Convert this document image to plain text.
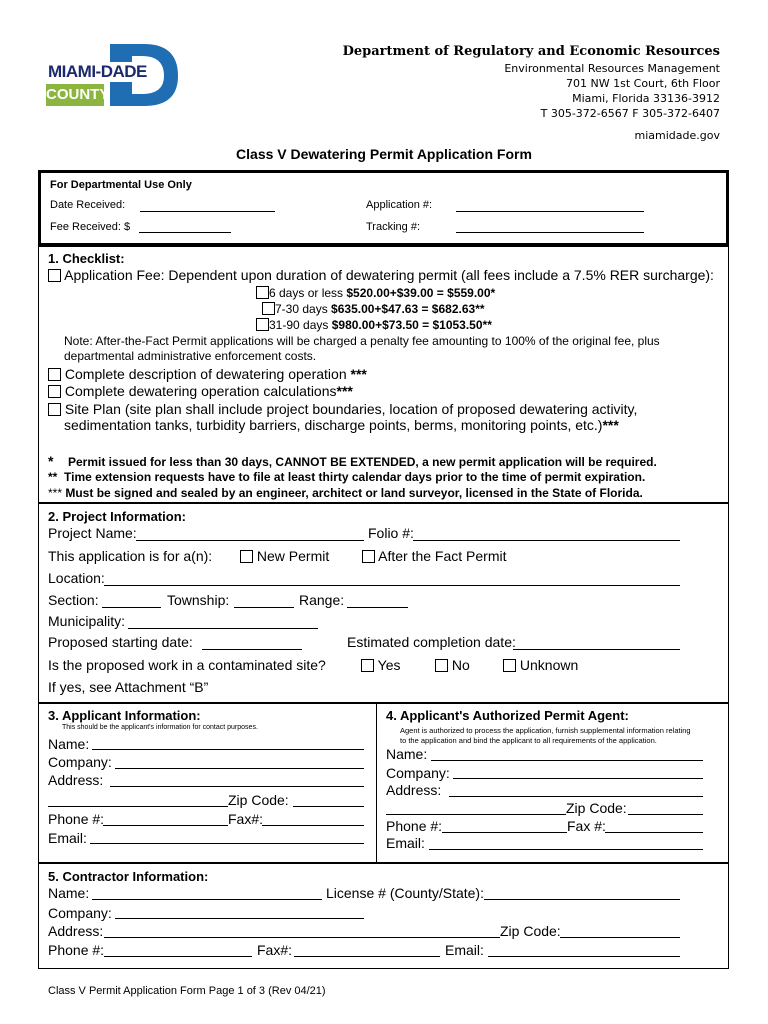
MIAMI-DADE
COUNTY
Department of Regulatory and Economic Resources
Environmental Resources Management
701 NW 1st Court, 6th Floor
Miami, Florida 33136-3912
T 305-372-6567 F 305-372-6407
miamidade.gov
Class V Dewatering Permit Application Form
For Departmental Use Only
Date Received:
Fee Received: $
Application #:
Tracking #:
1. Checklist:
Application Fee: Dependent upon duration of dewatering permit (all fees include a 7.5% RER surcharge):
6 days or less $520.00+$39.00 = $559.00*
7-30 days $635.00+$47.63 = $682.63**
31-90 days $980.00+$73.50 = $1053.50**
Note: After-the-Fact Permit applications will be charged a penalty fee amounting to 100% of the original fee, plus
departmental administrative enforcement costs.
Complete description of dewatering operation ***
Complete dewatering operation calculations***
Site Plan (site plan shall include project boundaries, location of proposed dewatering activity,
sedimentation tanks, turbidity barriers, discharge points, berms, monitoring points, etc.)***
* Permit issued for less than 30 days, CANNOT BE EXTENDED, a new permit application will be required.
** Time extension requests have to file at least thirty calendar days prior to the time of permit expiration.
*** Must be signed and sealed by an engineer, architect or land surveyor, licensed in the State of Florida.
2. Project Information:
Project Name:	Folio #:
This application is for a(n):	New Permit	After the Fact Permit
Location:
Section:	Township:	Range:
Municipality:
Proposed starting date:	Estimated completion date:
Is the proposed work in a contaminated site?	Yes	No	Unknown
If yes, see Attachment “B”
3. Applicant Information:
This should be the applicant's information for contact purposes.
Name:
Company:
Address:
Zip Code:
Phone #:	Fax#:
Email:
4. Applicant's Authorized Permit Agent:
Agent is authorized to process the application, furnish supplemental information relating
to the application and bind the applicant to all requirements of the application.
Name:
Company:
Address:
Zip Code:
Phone #:	Fax #:
Email:
5. Contractor Information:
Name:	License # (County/State):
Company:
Address:	Zip Code:
Phone #:	Fax#:	Email:
Class V Permit Application Form Page 1 of 3 (Rev 04/21)
